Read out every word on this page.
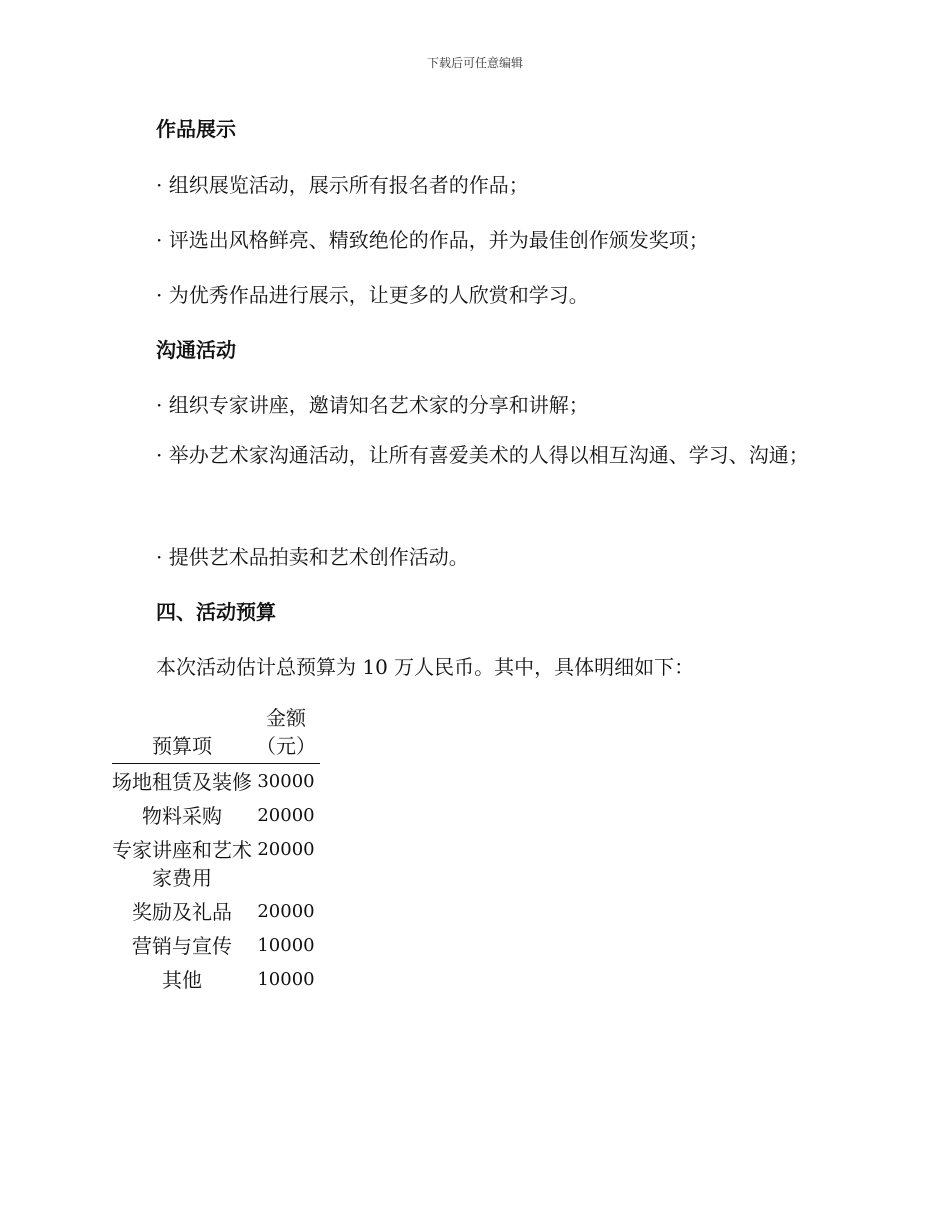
下载后可任意编辑
作品展示
· 组织展览活动，展示所有报名者的作品；
· 评选出风格鲜亮、精致绝伦的作品，并为最佳创作颁发奖项；
· 为优秀作品进行展示，让更多的人欣赏和学习。
沟通活动
· 组织专家讲座，邀请知名艺术家的分享和讲解；
· 举办艺术家沟通活动，让所有喜爱美术的人得以相互沟通、学习、沟通；
· 提供艺术品拍卖和艺术创作活动。
四、活动预算
本次活动估计总预算为 10 万人民币。其中，具体明细如下：
预算项	金额（元）
场地租赁及装修	30000
物料采购	20000
专家讲座和艺术家费用	20000
奖励及礼品	20000
营销与宣传	10000
其他	10000
